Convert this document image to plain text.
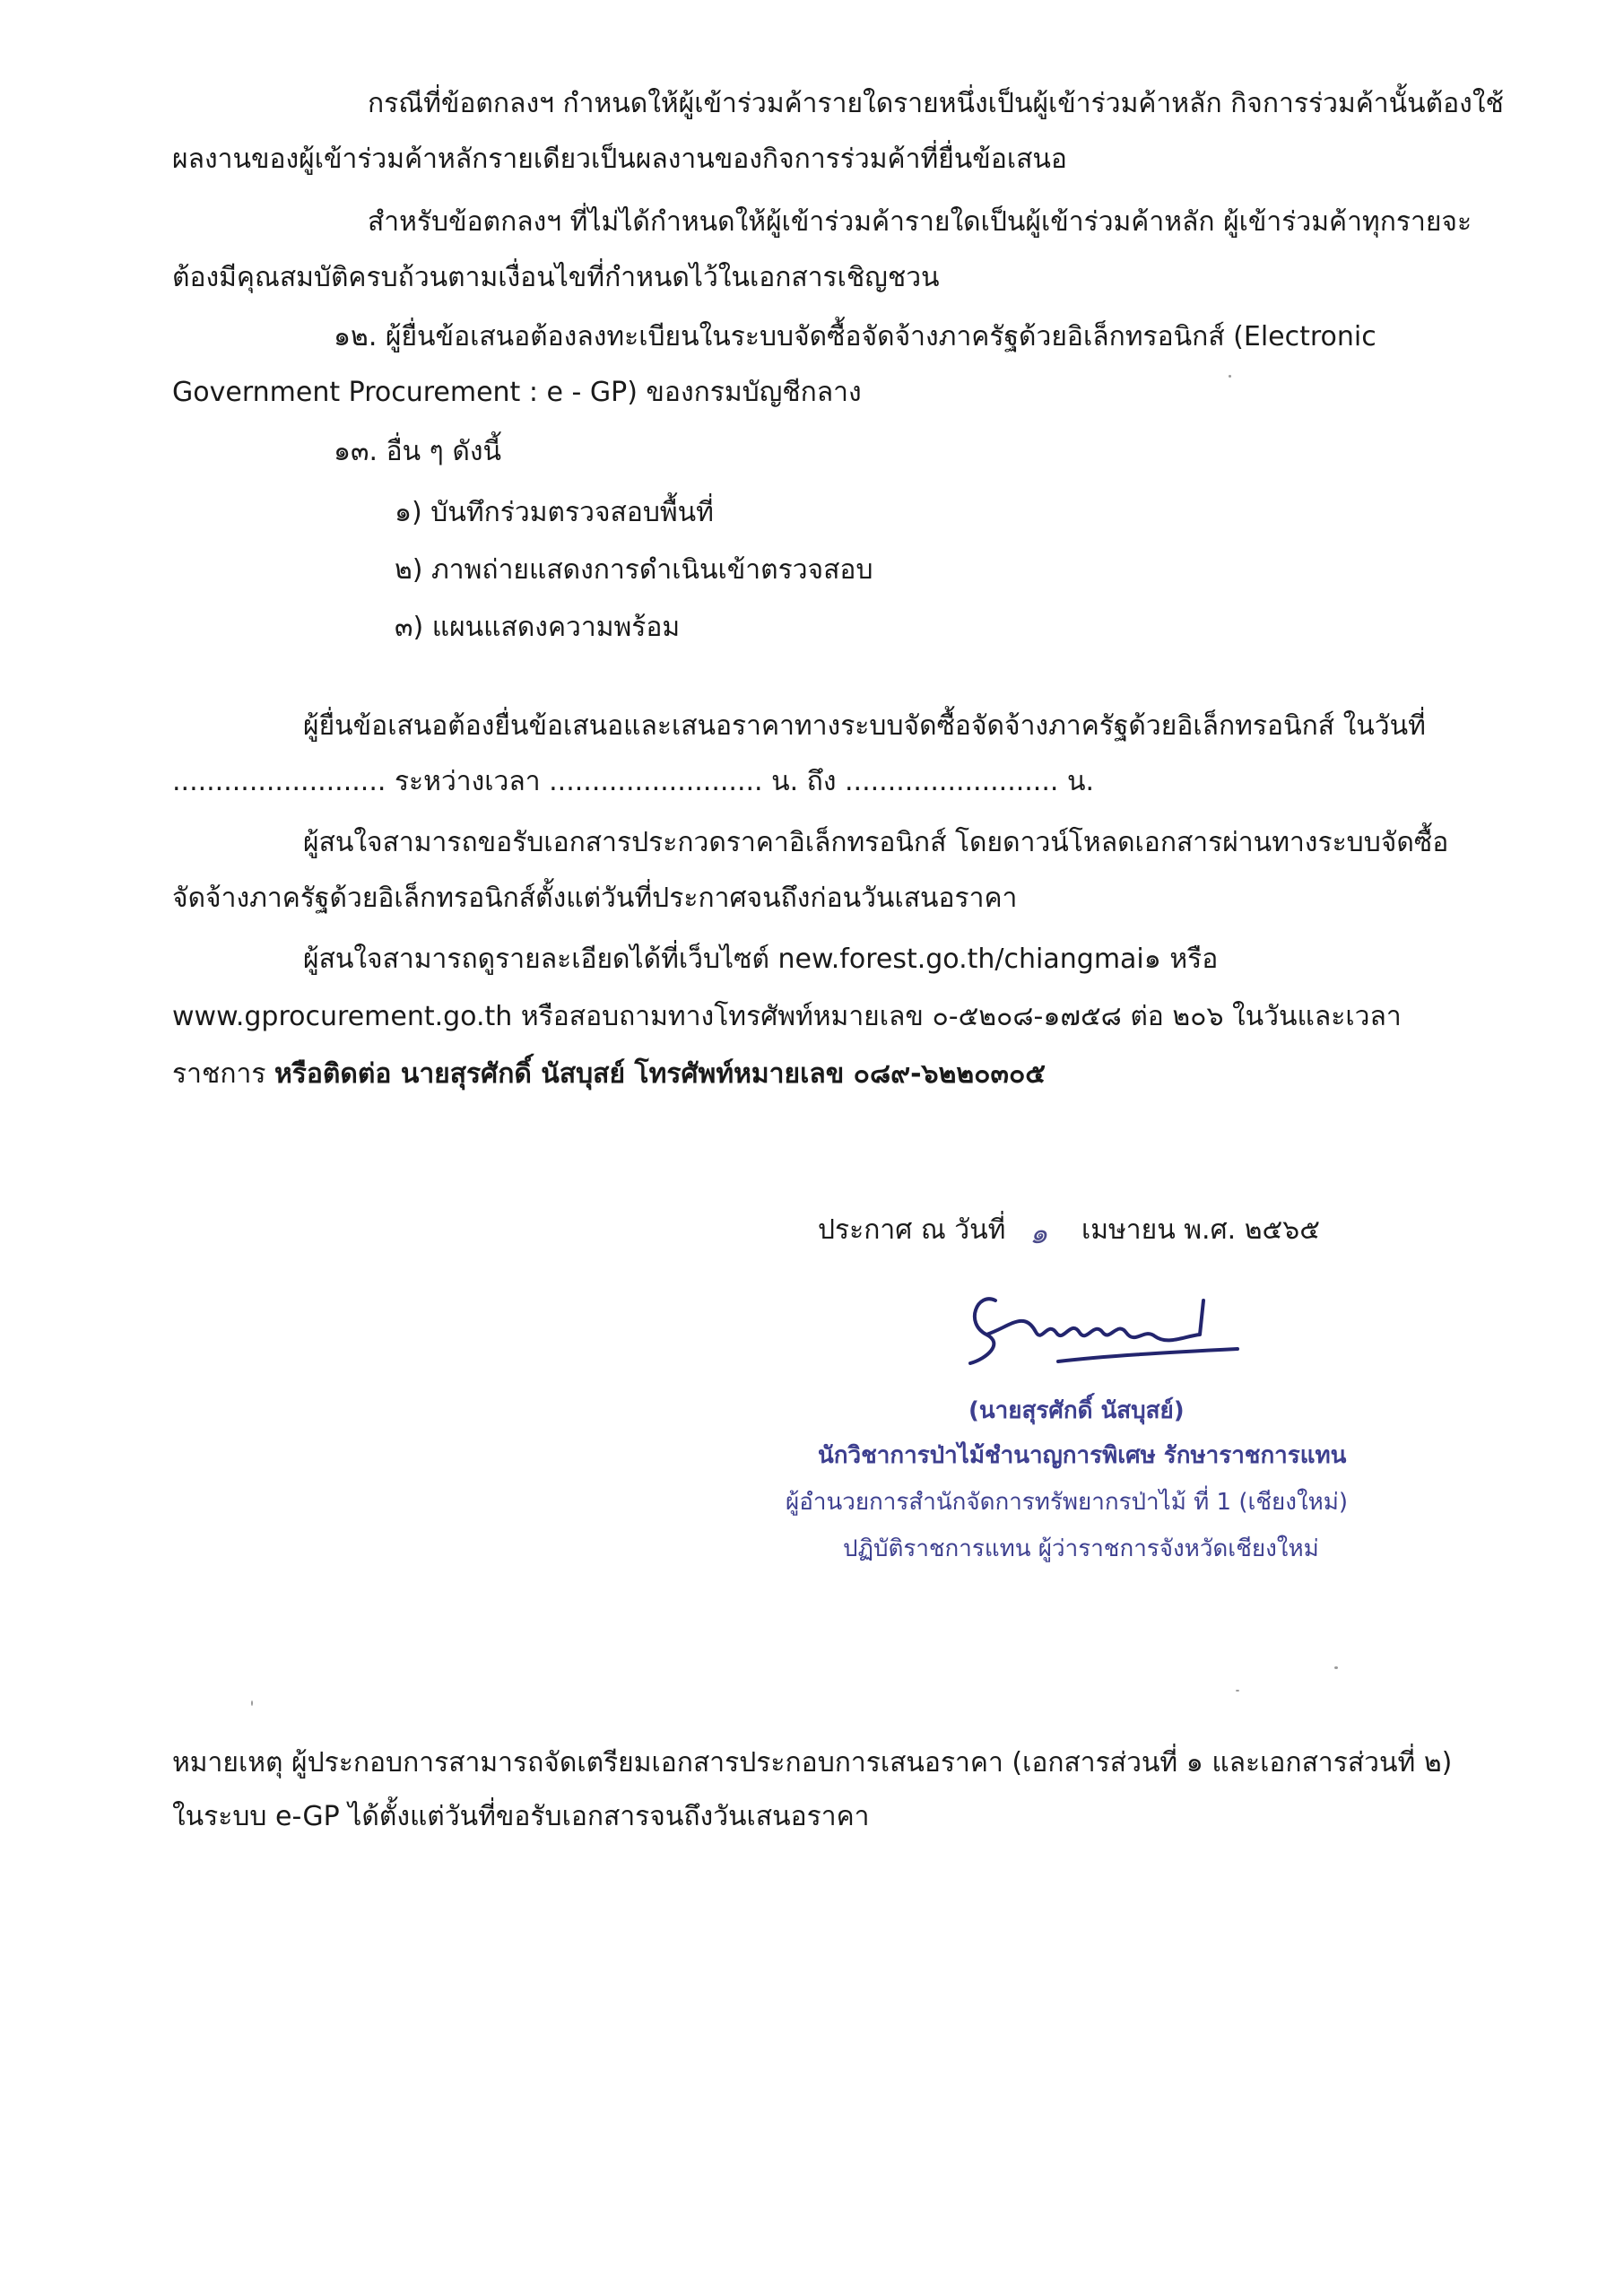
กรณีที่ข้อตกลงฯ กำหนดให้ผู้เข้าร่วมค้ารายใดรายหนึ่งเป็นผู้เข้าร่วมค้าหลัก กิจการร่วมค้านั้นต้องใช้
ผลงานของผู้เข้าร่วมค้าหลักรายเดียวเป็นผลงานของกิจการร่วมค้าที่ยื่นข้อเสนอ
สำหรับข้อตกลงฯ ที่ไม่ได้กำหนดให้ผู้เข้าร่วมค้ารายใดเป็นผู้เข้าร่วมค้าหลัก ผู้เข้าร่วมค้าทุกรายจะ
ต้องมีคุณสมบัติครบถ้วนตามเงื่อนไขที่กำหนดไว้ในเอกสารเชิญชวน
๑๒. ผู้ยื่นข้อเสนอต้องลงทะเบียนในระบบจัดซื้อจัดจ้างภาครัฐด้วยอิเล็กทรอนิกส์ (Electronic
Government Procurement : e - GP) ของกรมบัญชีกลาง
๑๓. อื่น ๆ ดังนี้
๑) บันทึกร่วมตรวจสอบพื้นที่
๒) ภาพถ่ายแสดงการดำเนินเข้าตรวจสอบ
๓) แผนแสดงความพร้อม
ผู้ยื่นข้อเสนอต้องยื่นข้อเสนอและเสนอราคาทางระบบจัดซื้อจัดจ้างภาครัฐด้วยอิเล็กทรอนิกส์ ในวันที่
......................... ระหว่างเวลา ......................... น. ถึง ......................... น.
ผู้สนใจสามารถขอรับเอกสารประกวดราคาอิเล็กทรอนิกส์ โดยดาวน์โหลดเอกสารผ่านทางระบบจัดซื้อ
จัดจ้างภาครัฐด้วยอิเล็กทรอนิกส์ตั้งแต่วันที่ประกาศจนถึงก่อนวันเสนอราคา
ผู้สนใจสามารถดูรายละเอียดได้ที่เว็บไซต์ new.forest.go.th/chiangmai๑ หรือ
www.gprocurement.go.th หรือสอบถามทางโทรศัพท์หมายเลข ๐-๕๒๐๘-๑๗๕๘ ต่อ ๒๐๖ ในวันและเวลา
ราชการ หรือติดต่อ นายสุรศักดิ์ นัสบุสย์ โทรศัพท์หมายเลข ๐๘๙-๖๒๒๐๓๐๕
ประกาศ ณ วันที่ ๑ เมษายน พ.ศ. ๒๕๖๕
(นายสุรศักดิ์ นัสบุสย์)
นักวิชาการป่าไม้ชำนาญการพิเศษ รักษาราชการแทน
ผู้อำนวยการสำนักจัดการทรัพยากรป่าไม้ ที่ 1 (เชียงใหม่)
ปฏิบัติราชการแทน ผู้ว่าราชการจังหวัดเชียงใหม่
หมายเหตุ ผู้ประกอบการสามารถจัดเตรียมเอกสารประกอบการเสนอราคา (เอกสารส่วนที่ ๑ และเอกสารส่วนที่ ๒)
ในระบบ e-GP ได้ตั้งแต่วันที่ขอรับเอกสารจนถึงวันเสนอราคา
